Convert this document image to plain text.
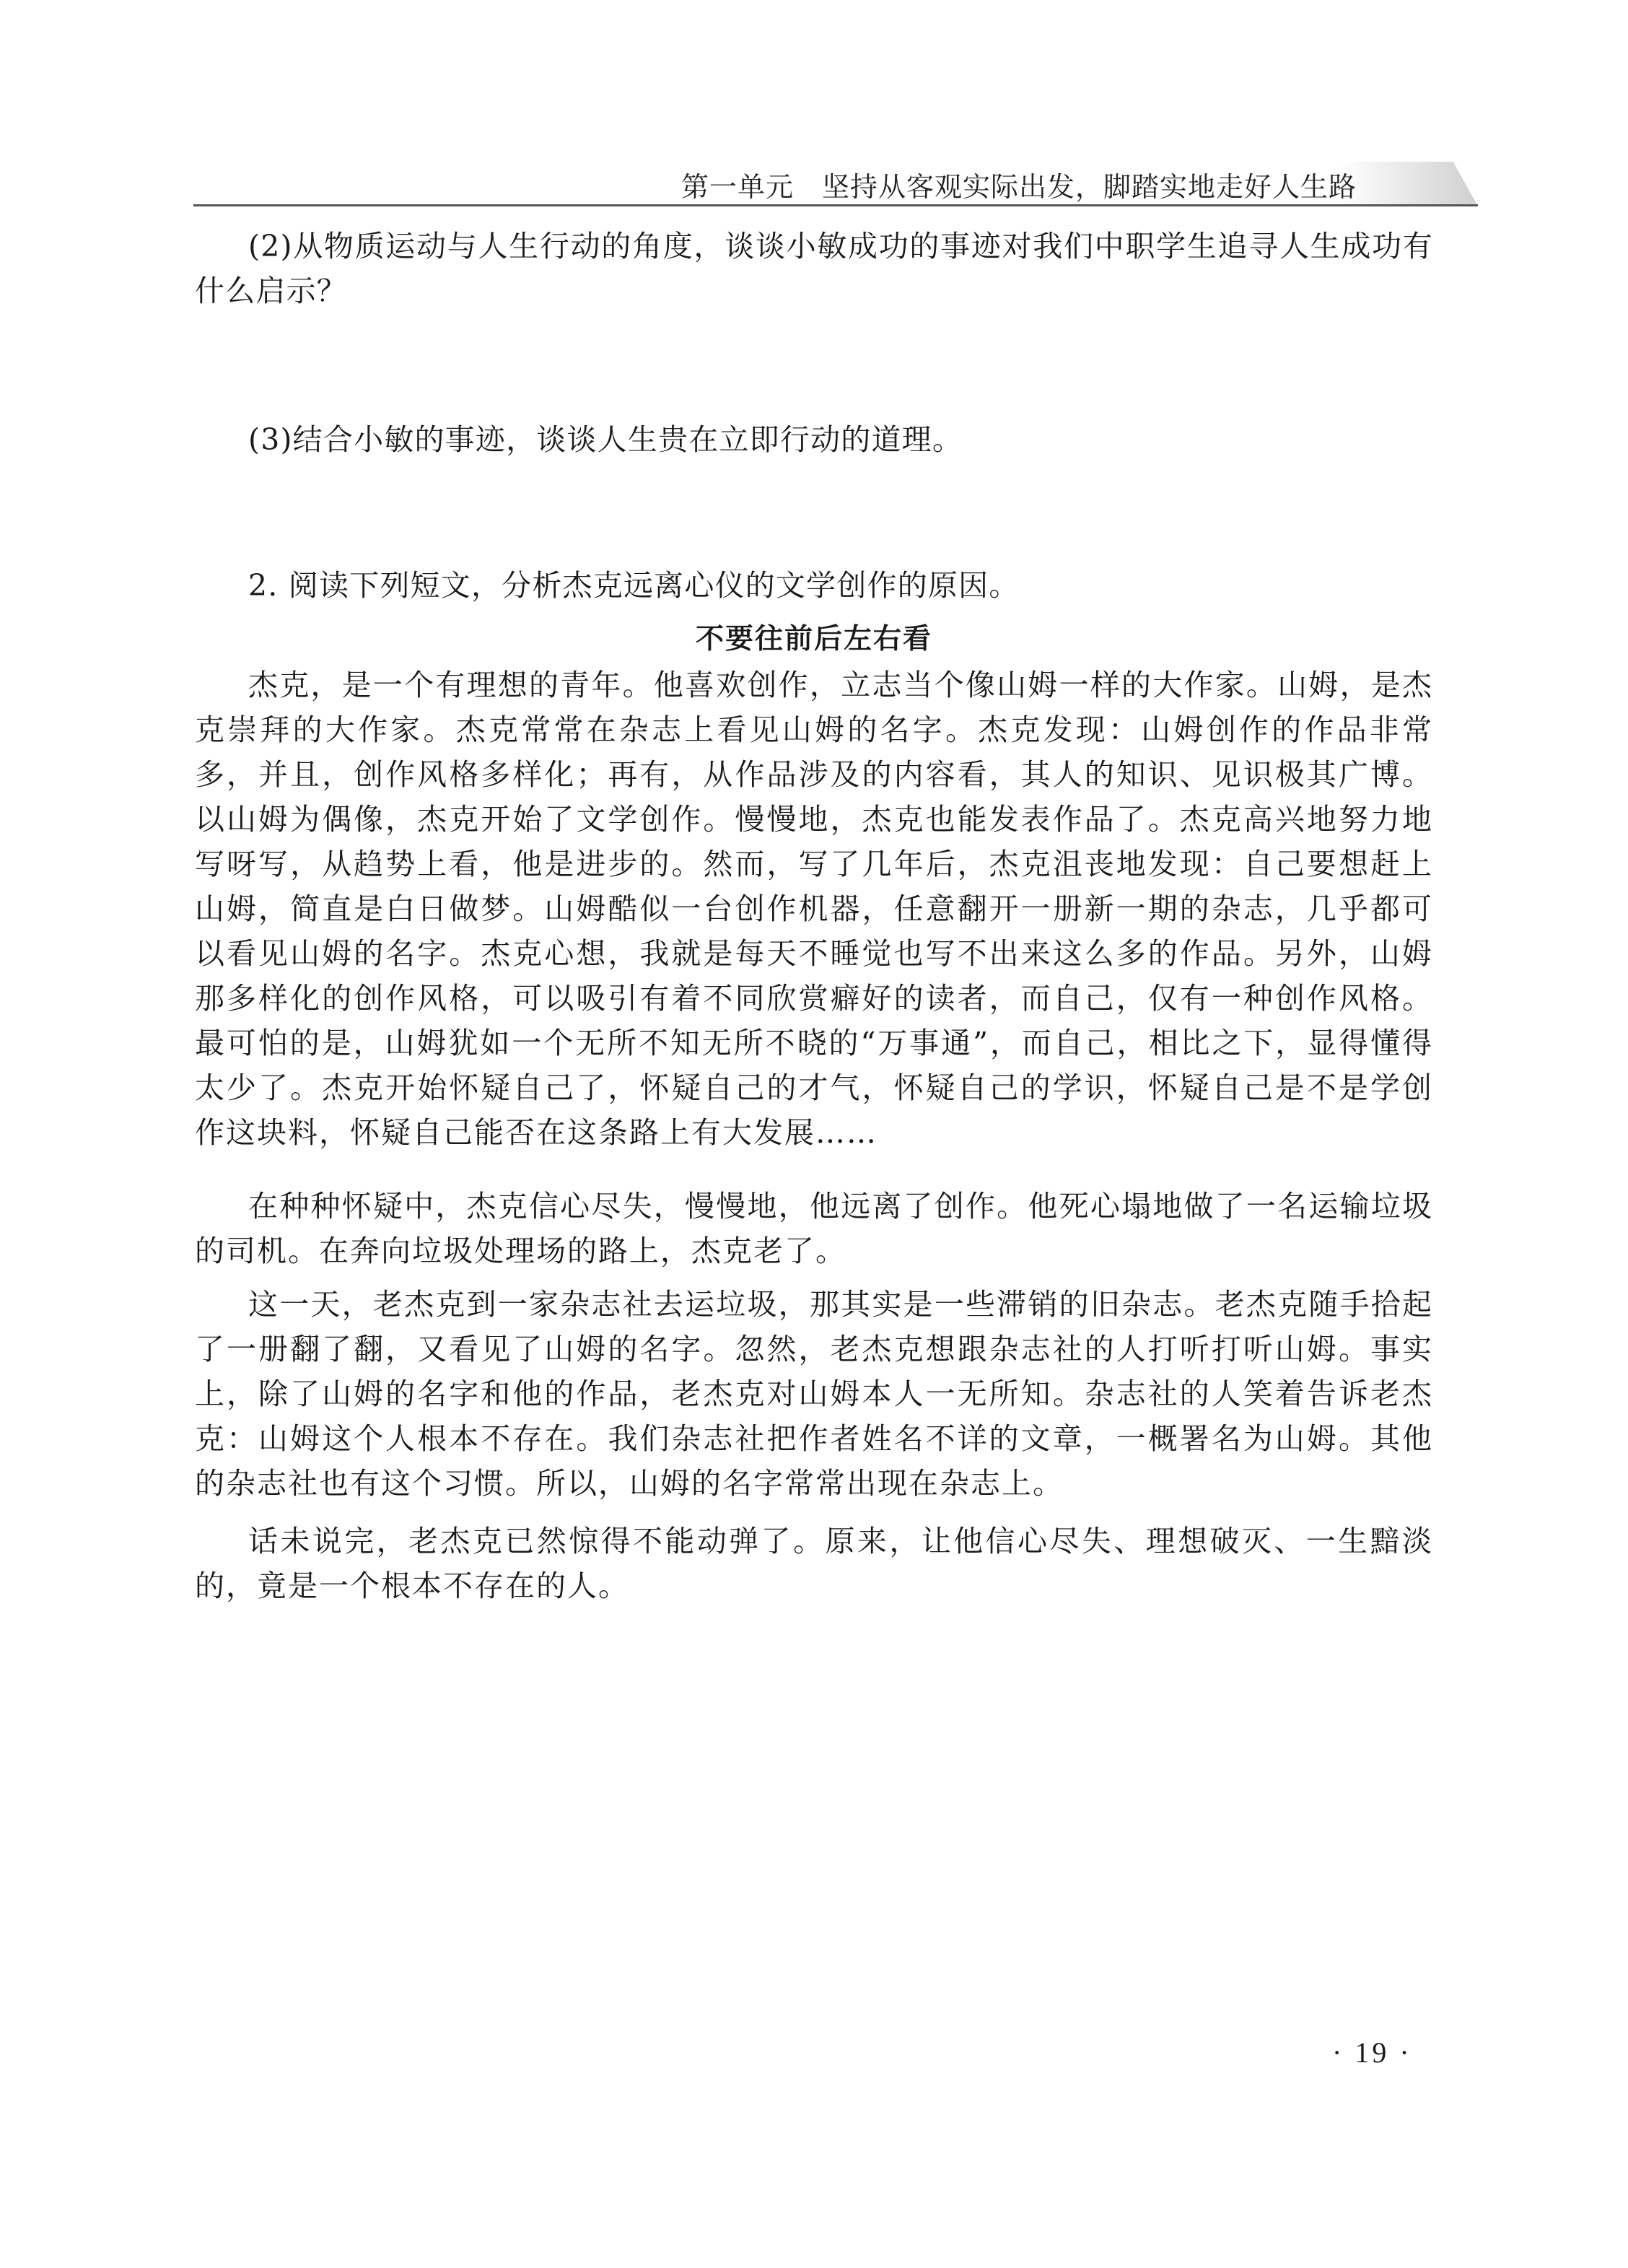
第一单元　坚持从客观实际出发，脚踏实地走好人生路

(2)从物质运动与人生行动的角度，谈谈小敏成功的事迹对我们中职学生追寻人生成功有什么启示？

(3)结合小敏的事迹，谈谈人生贵在立即行动的道理。

2. 阅读下列短文，分析杰克远离心仪的文学创作的原因。

不要往前后左右看

杰克，是一个有理想的青年。他喜欢创作，立志当个像山姆一样的大作家。山姆，是杰克崇拜的大作家。杰克常常在杂志上看见山姆的名字。杰克发现：山姆创作的作品非常多，并且，创作风格多样化；再有，从作品涉及的内容看，其人的知识、见识极其广博。以山姆为偶像，杰克开始了文学创作。慢慢地，杰克也能发表作品了。杰克高兴地努力地写呀写，从趋势上看，他是进步的。然而，写了几年后，杰克沮丧地发现：自己要想赶上山姆，简直是白日做梦。山姆酷似一台创作机器，任意翻开一册新一期的杂志，几乎都可以看见山姆的名字。杰克心想，我就是每天不睡觉也写不出来这么多的作品。另外，山姆那多样化的创作风格，可以吸引有着不同欣赏癖好的读者，而自己，仅有一种创作风格。最可怕的是，山姆犹如一个无所不知无所不晓的“万事通”，而自己，相比之下，显得懂得太少了。杰克开始怀疑自己了，怀疑自己的才气，怀疑自己的学识，怀疑自己是不是学创作这块料，怀疑自己能否在这条路上有大发展……

在种种怀疑中，杰克信心尽失，慢慢地，他远离了创作。他死心塌地做了一名运输垃圾的司机。在奔向垃圾处理场的路上，杰克老了。

这一天，老杰克到一家杂志社去运垃圾，那其实是一些滞销的旧杂志。老杰克随手拾起了一册翻了翻，又看见了山姆的名字。忽然，老杰克想跟杂志社的人打听打听山姆。事实上，除了山姆的名字和他的作品，老杰克对山姆本人一无所知。杂志社的人笑着告诉老杰克：山姆这个人根本不存在。我们杂志社把作者姓名不详的文章，一概署名为山姆。其他的杂志社也有这个习惯。所以，山姆的名字常常出现在杂志上。

话未说完，老杰克已然惊得不能动弹了。原来，让他信心尽失、理想破灭、一生黯淡的，竟是一个根本不存在的人。

· 19 ·
